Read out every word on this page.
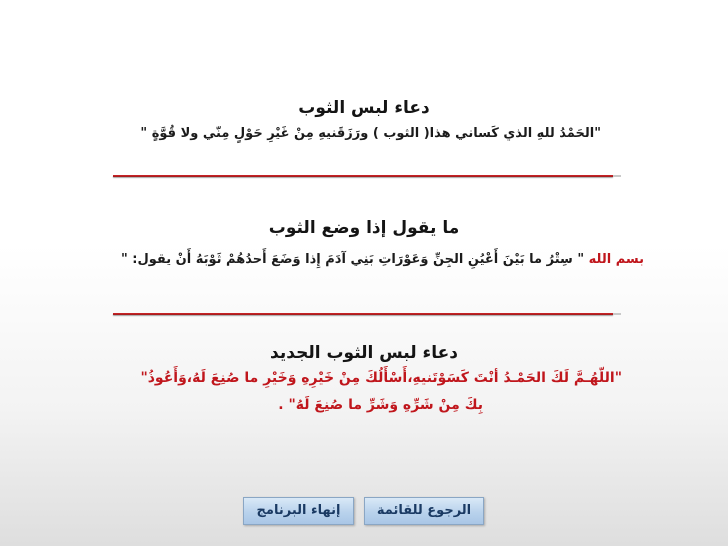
دعاء لبس الثوب
"الحَمْدُ للهِ الذي كَساني هذا( الثوب ) ورَزَقَنيهِ مِنْ غَيْرِ حَوْلٍ مِنّي ولا قُوَّةٍ "
ما يقول إذا وضع الثوب
بسم الله " سِتْرُ ما بَيْنَ أَعْيُنِ الجِنِّ وَعَوْرَاتِ بَنِي آدَمَ إِذا وَضَعَ أَحدُهُمْ ثَوْبَهُ أَنْ يقول: "
دعاء لبس الثوب الجديد
"اللّهُـمَّ لَكَ الحَمْـدُ أنْتَ كَسَوْتَنيهِ،أَسْأَلُكَ مِنْ خَيْرِهِ وَخَيْرِ ما صُنِعَ لَهُ،وَأَعُوذُ"
بِكَ مِنْ شَرِّهِ وَشَرِّ ما صُنِعَ لَهُ" .
الرجوع للقائمة
إنهاء البرنامج
